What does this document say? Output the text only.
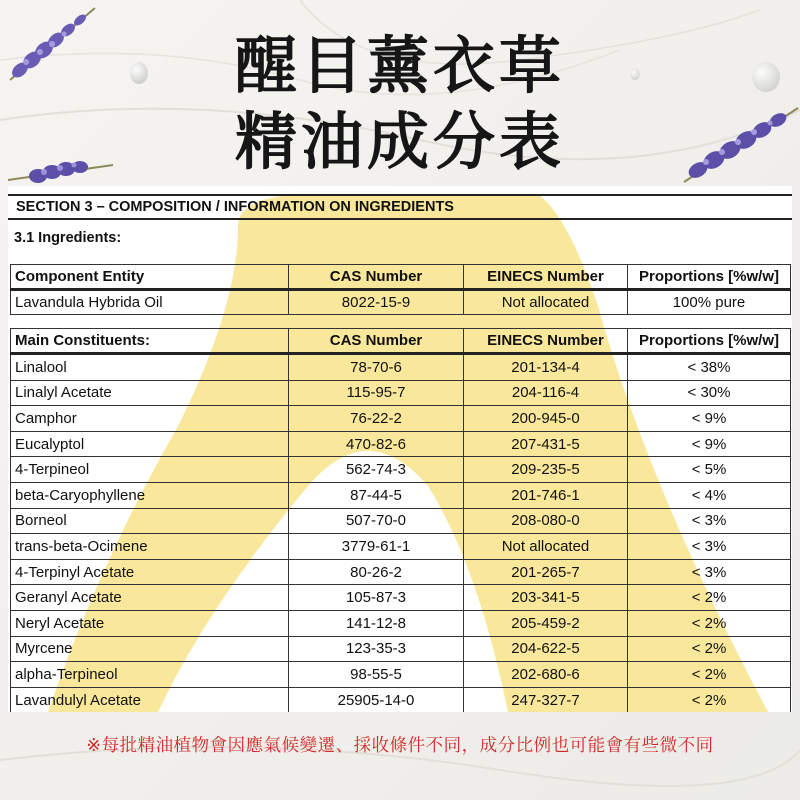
醒目薰衣草
精油成分表
SECTION 3 – COMPOSITION / INFORMATION ON INGREDIENTS
3.1 Ingredients:
Component Entity	CAS Number	EINECS Number	Proportions [%w/w]
Lavandula Hybrida Oil	8022-15-9	Not allocated	100% pure
Main Constituents:	CAS Number	EINECS Number	Proportions [%w/w]
Linalool	78-70-6	201-134-4	< 38%
Linalyl Acetate	115-95-7	204-116-4	< 30%
Camphor	76-22-2	200-945-0	< 9%
Eucalyptol	470-82-6	207-431-5	< 9%
4-Terpineol	562-74-3	209-235-5	< 5%
beta-Caryophyllene	87-44-5	201-746-1	< 4%
Borneol	507-70-0	208-080-0	< 3%
trans-beta-Ocimene	3779-61-1	Not allocated	< 3%
4-Terpinyl Acetate	80-26-2	201-265-7	< 3%
Geranyl Acetate	105-87-3	203-341-5	< 2%
Neryl Acetate	141-12-8	205-459-2	< 2%
Myrcene	123-35-3	204-622-5	< 2%
alpha-Terpineol	98-55-5	202-680-6	< 2%
Lavandulyl Acetate	25905-14-0	247-327-7	< 2%
※每批精油植物會因應氣候變遷、採收條件不同，成分比例也可能會有些微不同
